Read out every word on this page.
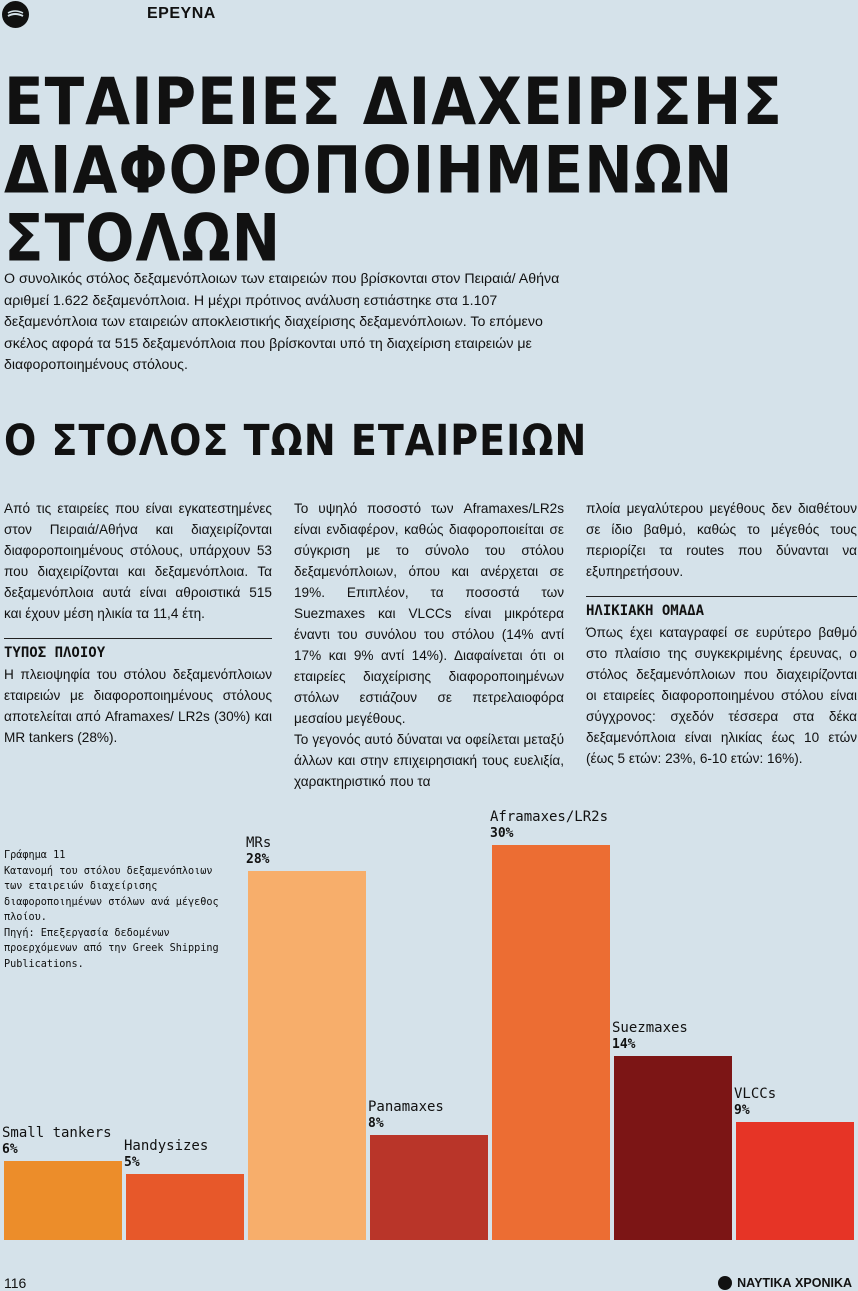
ΕΡΕΥΝΑ
ΕΤΑΙΡΕΙΕΣ ΔΙΑΧΕΙΡΙΣΗΣ
ΔΙΑΦΟΡΟΠΟΙΗΜΕΝΩΝ
ΣΤΟΛΩΝ
Ο συνολικός στόλος δεξαμενόπλοιων των εταιρειών που βρίσκονται στον Πειραιά/ Αθήνα αριθμεί 1.622 δεξαμενόπλοια. Η μέχρι πρότινος ανάλυση εστιάστηκε στα 1.107 δεξαμενόπλοια των εταιρειών αποκλειστικής διαχείρισης δεξαμενόπλοιων. Το επόμενο σκέλος αφορά τα 515 δεξαμενόπλοια που βρίσκονται υπό τη διαχείριση εταιρειών με διαφοροποιημένους στόλους.
Ο ΣΤΟΛΟΣ ΤΩΝ ΕΤΑΙΡΕΙΩΝ

Από τις εταιρείες που είναι εγκατεστημένες στον Πειραιά/Αθήνα και διαχειρίζονται διαφοροποιημένους στόλους, υπάρχουν 53 που διαχειρίζονται και δεξαμενόπλοια. Τα δεξαμενόπλοια αυτά είναι αθροιστικά 515 και έχουν μέση ηλικία τα 11,4 έτη.

ΤΥΠΟΣ ΠΛΟΙΟΥ

Η πλειοψηφία του στόλου δεξαμενόπλοιων εταιρειών με διαφοροποιημένους στόλους αποτελείται από Aframaxes/ LR2s (30%) και MR tankers (28%).

Το υψηλό ποσοστό των Aframaxes/LR2s είναι ενδιαφέρον, καθώς διαφοροποιείται σε σύγκριση με το σύνολο του στόλου δεξαμενόπλοιων, όπου και ανέρχεται σε 19%. Επιπλέον, τα ποσοστά των Suezmaxes και VLCCs είναι μικρότερα έναντι του συνόλου του στόλου (14% αντί 17% και 9% αντί 14%). Διαφαίνεται ότι οι εταιρείες διαχείρισης διαφοροποιημένων στόλων εστιάζουν σε πετρελαιοφόρα μεσαίου μεγέθους.

Το γεγονός αυτό δύναται να οφείλεται μεταξύ άλλων και στην επιχειρησιακή τους ευελιξία, χαρακτηριστικό που τα

πλοία μεγαλύτερου μεγέθους δεν διαθέτουν σε ίδιο βαθμό, καθώς το μέγεθός τους περιορίζει τα routes που δύνανται να εξυπηρετήσουν.

ΗΛΙΚΙΑΚΗ ΟΜΑΔΑ

Όπως έχει καταγραφεί σε ευρύτερο βαθμό στο πλαίσιο της συγκεκριμένης έρευνας, ο στόλος δεξαμενόπλοιων που διαχειρίζονται οι εταιρείες διαφοροποιημένου στόλου είναι σύγχρονος: σχεδόν τέσσερα στα δέκα δεξαμενόπλοια είναι ηλικίας έως 10 ετών (έως 5 ετών: 23%, 6-10 ετών: 16%).

Γράφημα 11

Κατανομή του στόλου δεξαμενόπλοιων των εταιρειών διαχείρισης διαφοροποιημένων στόλων ανά μέγεθος πλοίου.

Πηγή: Επεξεργασία δεδομένων προερχόμενων από την Greek Shipping Publications.

Small tankers
6%	Handysizes
5%
MRs
28%
Panamaxes
8%
Aframaxes/LR2s
30%
Suezmaxes
14%
VLCCs
9%
116	ΝΑΥΤΙΚΑ ΧΡΟΝΙΚΑ
